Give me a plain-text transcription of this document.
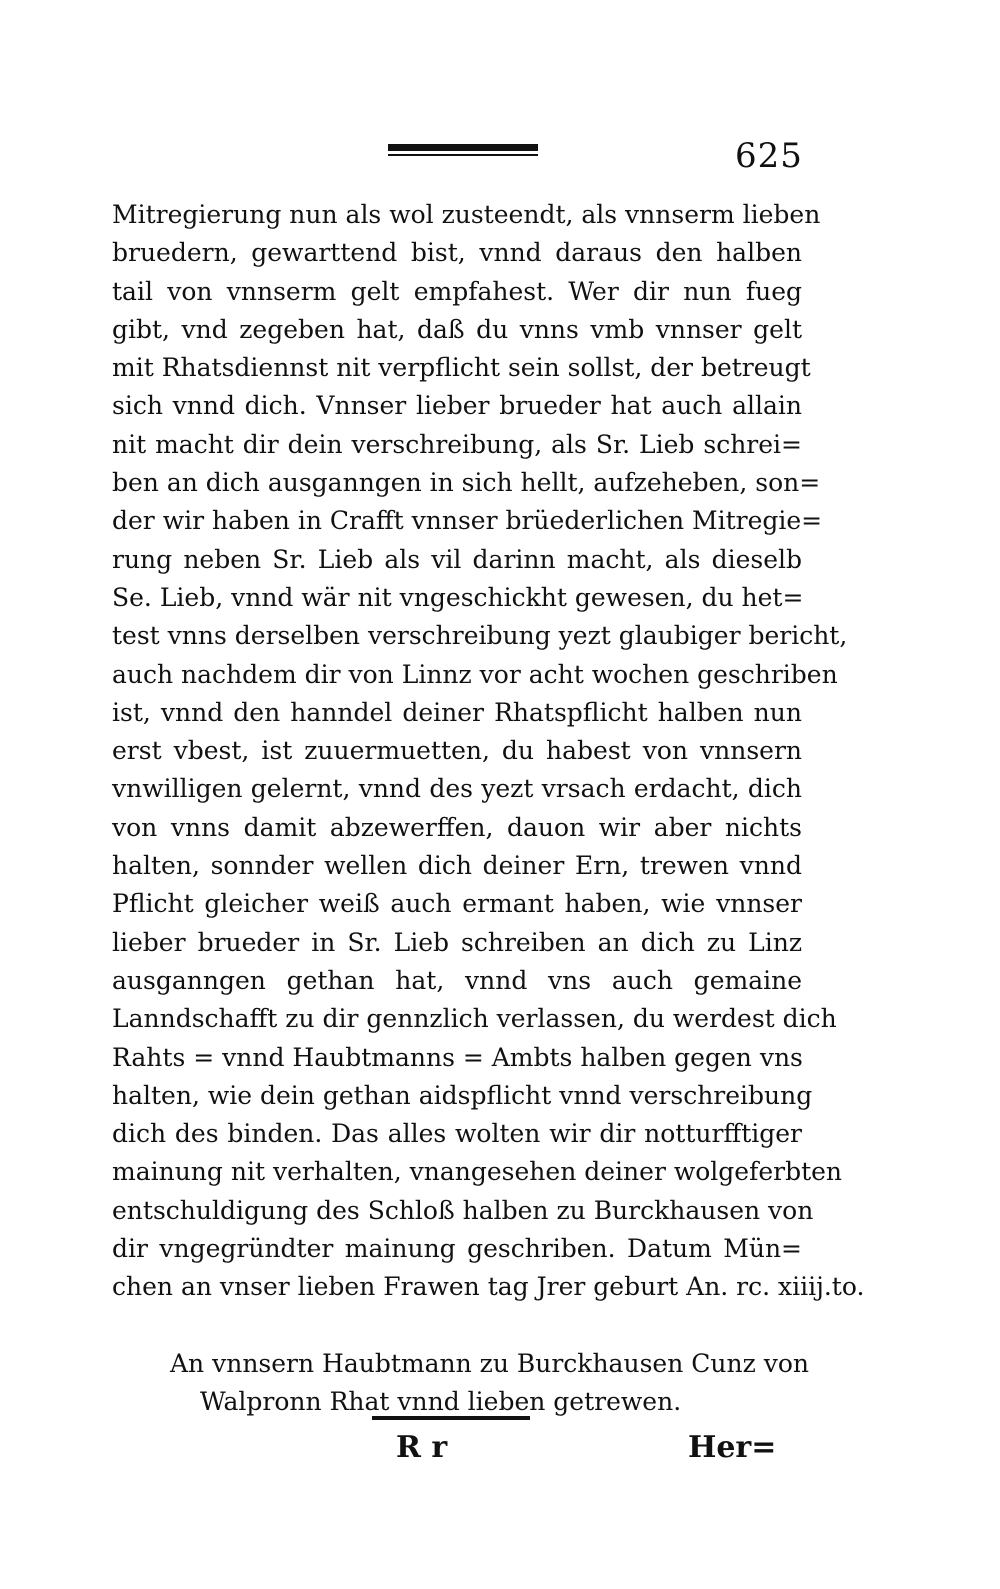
625
Mitregierung nun als wol zusteendt, als vnnserm lieben
bruedern, gewarttend bist, vnnd daraus den halben
tail von vnnserm gelt empfahest. Wer dir nun fueg
gibt, vnd zegeben hat, daß du vnns vmb vnnser gelt
mit Rhatsdiennst nit verpflicht sein sollst, der betreugt
sich vnnd dich. Vnnser lieber brueder hat auch allain
nit macht dir dein verschreibung, als Sr. Lieb schrei=
ben an dich ausganngen in sich hellt, aufzeheben, son=
der wir haben in Crafft vnnser brüederlichen Mitregie=
rung neben Sr. Lieb als vil darinn macht, als dieselb
Se. Lieb, vnnd wär nit vngeschickht gewesen, du het=
test vnns derselben verschreibung yezt glaubiger bericht,
auch nachdem dir von Linnz vor acht wochen geschriben
ist, vnnd den hanndel deiner Rhatspflicht halben nun
erst vbest, ist zuuermuetten, du habest von vnnsern
vnwilligen gelernt, vnnd des yezt vrsach erdacht, dich
von vnns damit abzewerffen, dauon wir aber nichts
halten, sonnder wellen dich deiner Ern, trewen vnnd
Pflicht gleicher weiß auch ermant haben, wie vnnser
lieber brueder in Sr. Lieb schreiben an dich zu Linz
ausganngen gethan hat, vnnd vns auch gemaine
Lanndschafft zu dir gennzlich verlassen, du werdest dich
Rahts = vnnd Haubtmanns = Ambts halben gegen vns
halten, wie dein gethan aidspflicht vnnd verschreibung
dich des binden. Das alles wolten wir dir notturfftiger
mainung nit verhalten, vnangesehen deiner wolgeferbten
entschuldigung des Schloß halben zu Burckhausen von
dir vngegründter mainung geschriben. Datum Mün=
chen an vnser lieben Frawen tag Jrer geburt An. rc. xiiij.to.
An vnnsern Haubtmann zu Burckhausen Cunz von
Walpronn Rhat vnnd lieben getrewen.
R r	Her=
